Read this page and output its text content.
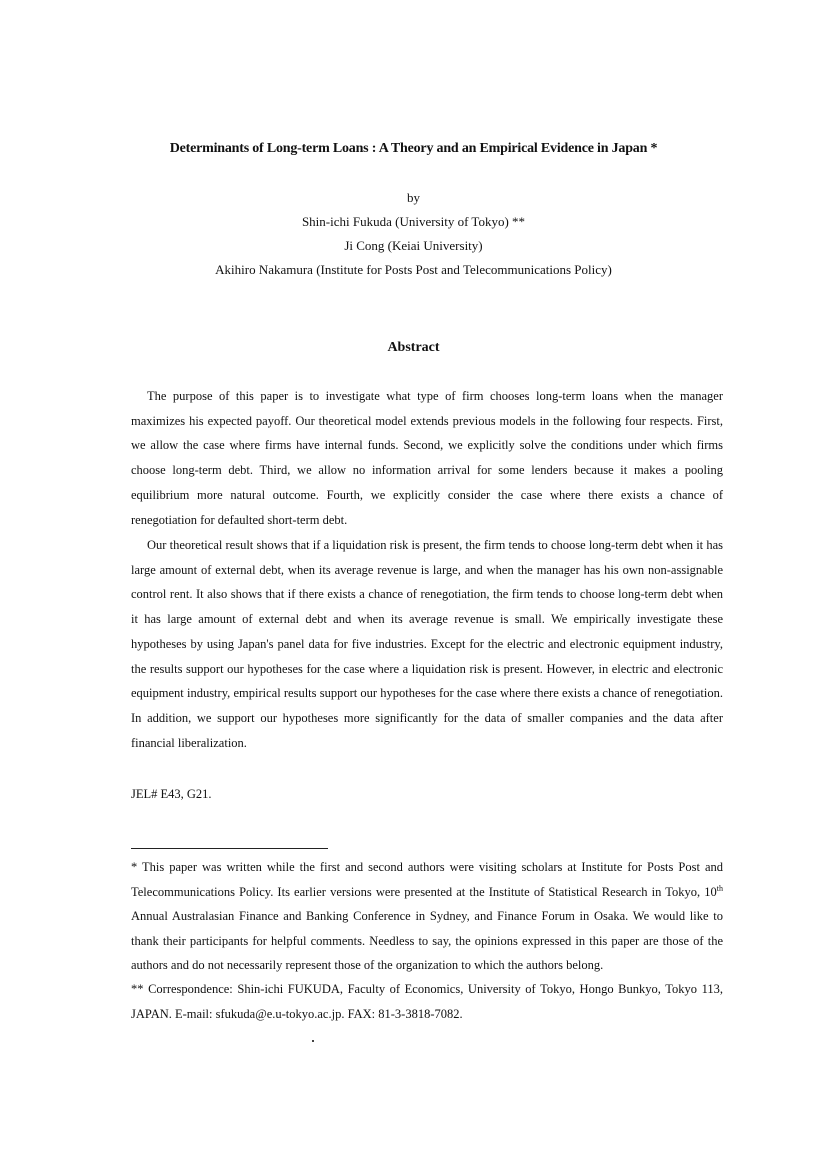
Determinants of Long-term Loans : A Theory and an Empirical Evidence in Japan *
by
Shin-ichi Fukuda (University of Tokyo) **
Ji Cong (Keiai University)
Akihiro Nakamura (Institute for Posts Post and Telecommunications Policy)
Abstract

The purpose of this paper is to investigate what type of firm chooses long-term loans when the manager maximizes his expected payoff. Our theoretical model extends previous models in the following four respects. First, we allow the case where firms have internal funds. Second, we explicitly solve the conditions under which firms choose long-term debt. Third, we allow no information arrival for some lenders because it makes a pooling equilibrium more natural outcome. Fourth, we explicitly consider the case where there exists a chance of renegotiation for defaulted short-term debt.

Our theoretical result shows that if a liquidation risk is present, the firm tends to choose long-term debt when it has large amount of external debt, when its average revenue is large, and when the manager has his own non-assignable control rent. It also shows that if there exists a chance of renegotiation, the firm tends to choose long-term debt when it has large amount of external debt and when its average revenue is small. We empirically investigate these hypotheses by using Japan's panel data for five industries. Except for the electric and electronic equipment industry, the results support our hypotheses for the case where a liquidation risk is present. However, in electric and electronic equipment industry, empirical results support our hypotheses for the case where there exists a chance of renegotiation. In addition, we support our hypotheses more significantly for the data of smaller companies and the data after financial liberalization.

JEL# E43, G21.

* This paper was written while the first and second authors were visiting scholars at Institute for Posts Post and Telecommunications Policy. Its earlier versions were presented at the Institute of Statistical Research in Tokyo, 10th Annual Australasian Finance and Banking Conference in Sydney, and Finance Forum in Osaka. We would like to thank their participants for helpful comments. Needless to say, the opinions expressed in this paper are those of the authors and do not necessarily represent those of the organization to which the authors belong.

** Correspondence: Shin-ichi FUKUDA, Faculty of Economics, University of Tokyo, Hongo Bunkyo, Tokyo 113, JAPAN. E-mail: sfukuda@e.u-tokyo.ac.jp. FAX: 81-3-3818-7082.
